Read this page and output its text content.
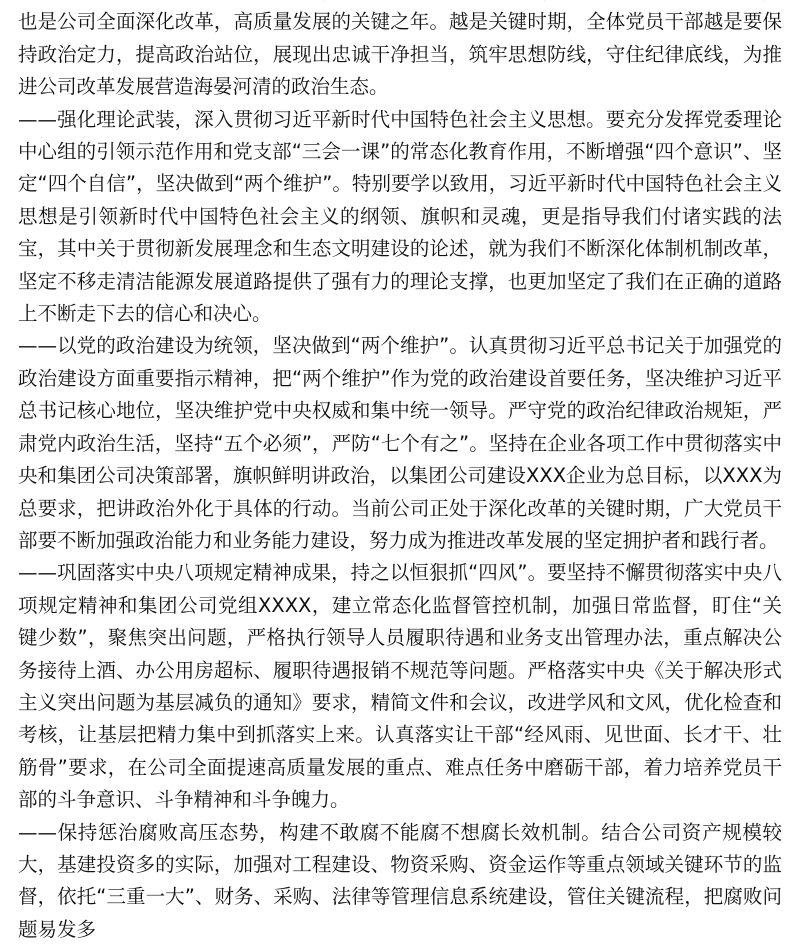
也是公司全面深化改革，高质量发展的关键之年。越是关键时期，全体党员干部越是要保持政治定力，提高政治站位，展现出忠诚干净担当，筑牢思想防线，守住纪律底线，为推进公司改革发展营造海晏河清的政治生态。

——强化理论武装，深入贯彻习近平新时代中国特色社会主义思想。要充分发挥党委理论中心组的引领示范作用和党支部“三会一课”的常态化教育作用，不断增强“四个意识”、坚定“四个自信”，坚决做到“两个维护”。特别要学以致用，习近平新时代中国特色社会主义思想是引领新时代中国特色社会主义的纲领、旗帜和灵魂，更是指导我们付诸实践的法宝，其中关于贯彻新发展理念和生态文明建设的论述，就为我们不断深化体制机制改革，坚定不移走清洁能源发展道路提供了强有力的理论支撑，也更加坚定了我们在正确的道路上不断走下去的信心和决心。

——以党的政治建设为统领，坚决做到“两个维护”。认真贯彻习近平总书记关于加强党的政治建设方面重要指示精神，把“两个维护”作为党的政治建设首要任务，坚决维护习近平总书记核心地位，坚决维护党中央权威和集中统一领导。严守党的政治纪律政治规矩，严肃党内政治生活，坚持“五个必须”，严防“七个有之”。坚持在企业各项工作中贯彻落实中央和集团公司决策部署，旗帜鲜明讲政治，以集团公司建设XXX企业为总目标，以XXX为总要求，把讲政治外化于具体的行动。当前公司正处于深化改革的关键时期，广大党员干部要不断加强政治能力和业务能力建设，努力成为推进改革发展的坚定拥护者和践行者。

——巩固落实中央八项规定精神成果，持之以恒狠抓“四风”。要坚持不懈贯彻落实中央八项规定精神和集团公司党组XXXX，建立常态化监督管控机制，加强日常监督，盯住“关键少数”，聚焦突出问题，严格执行领导人员履职待遇和业务支出管理办法，重点解决公务接待上酒、办公用房超标、履职待遇报销不规范等问题。严格落实中央《关于解决形式主义突出问题为基层减负的通知》要求，精简文件和会议，改进学风和文风，优化检查和考核，让基层把精力集中到抓落实上来。认真落实让干部“经风雨、见世面、长才干、壮筋骨”要求，在公司全面提速高质量发展的重点、难点任务中磨砺干部，着力培养党员干部的斗争意识、斗争精神和斗争魄力。

——保持惩治腐败高压态势，构建不敢腐不能腐不想腐长效机制。结合公司资产规模较大，基建投资多的实际，加强对工程建设、物资采购、资金运作等重点领域关键环节的监督，依托“三重一大”、财务、采购、法律等管理信息系统建设，管住关键流程，把腐败问题易发多
